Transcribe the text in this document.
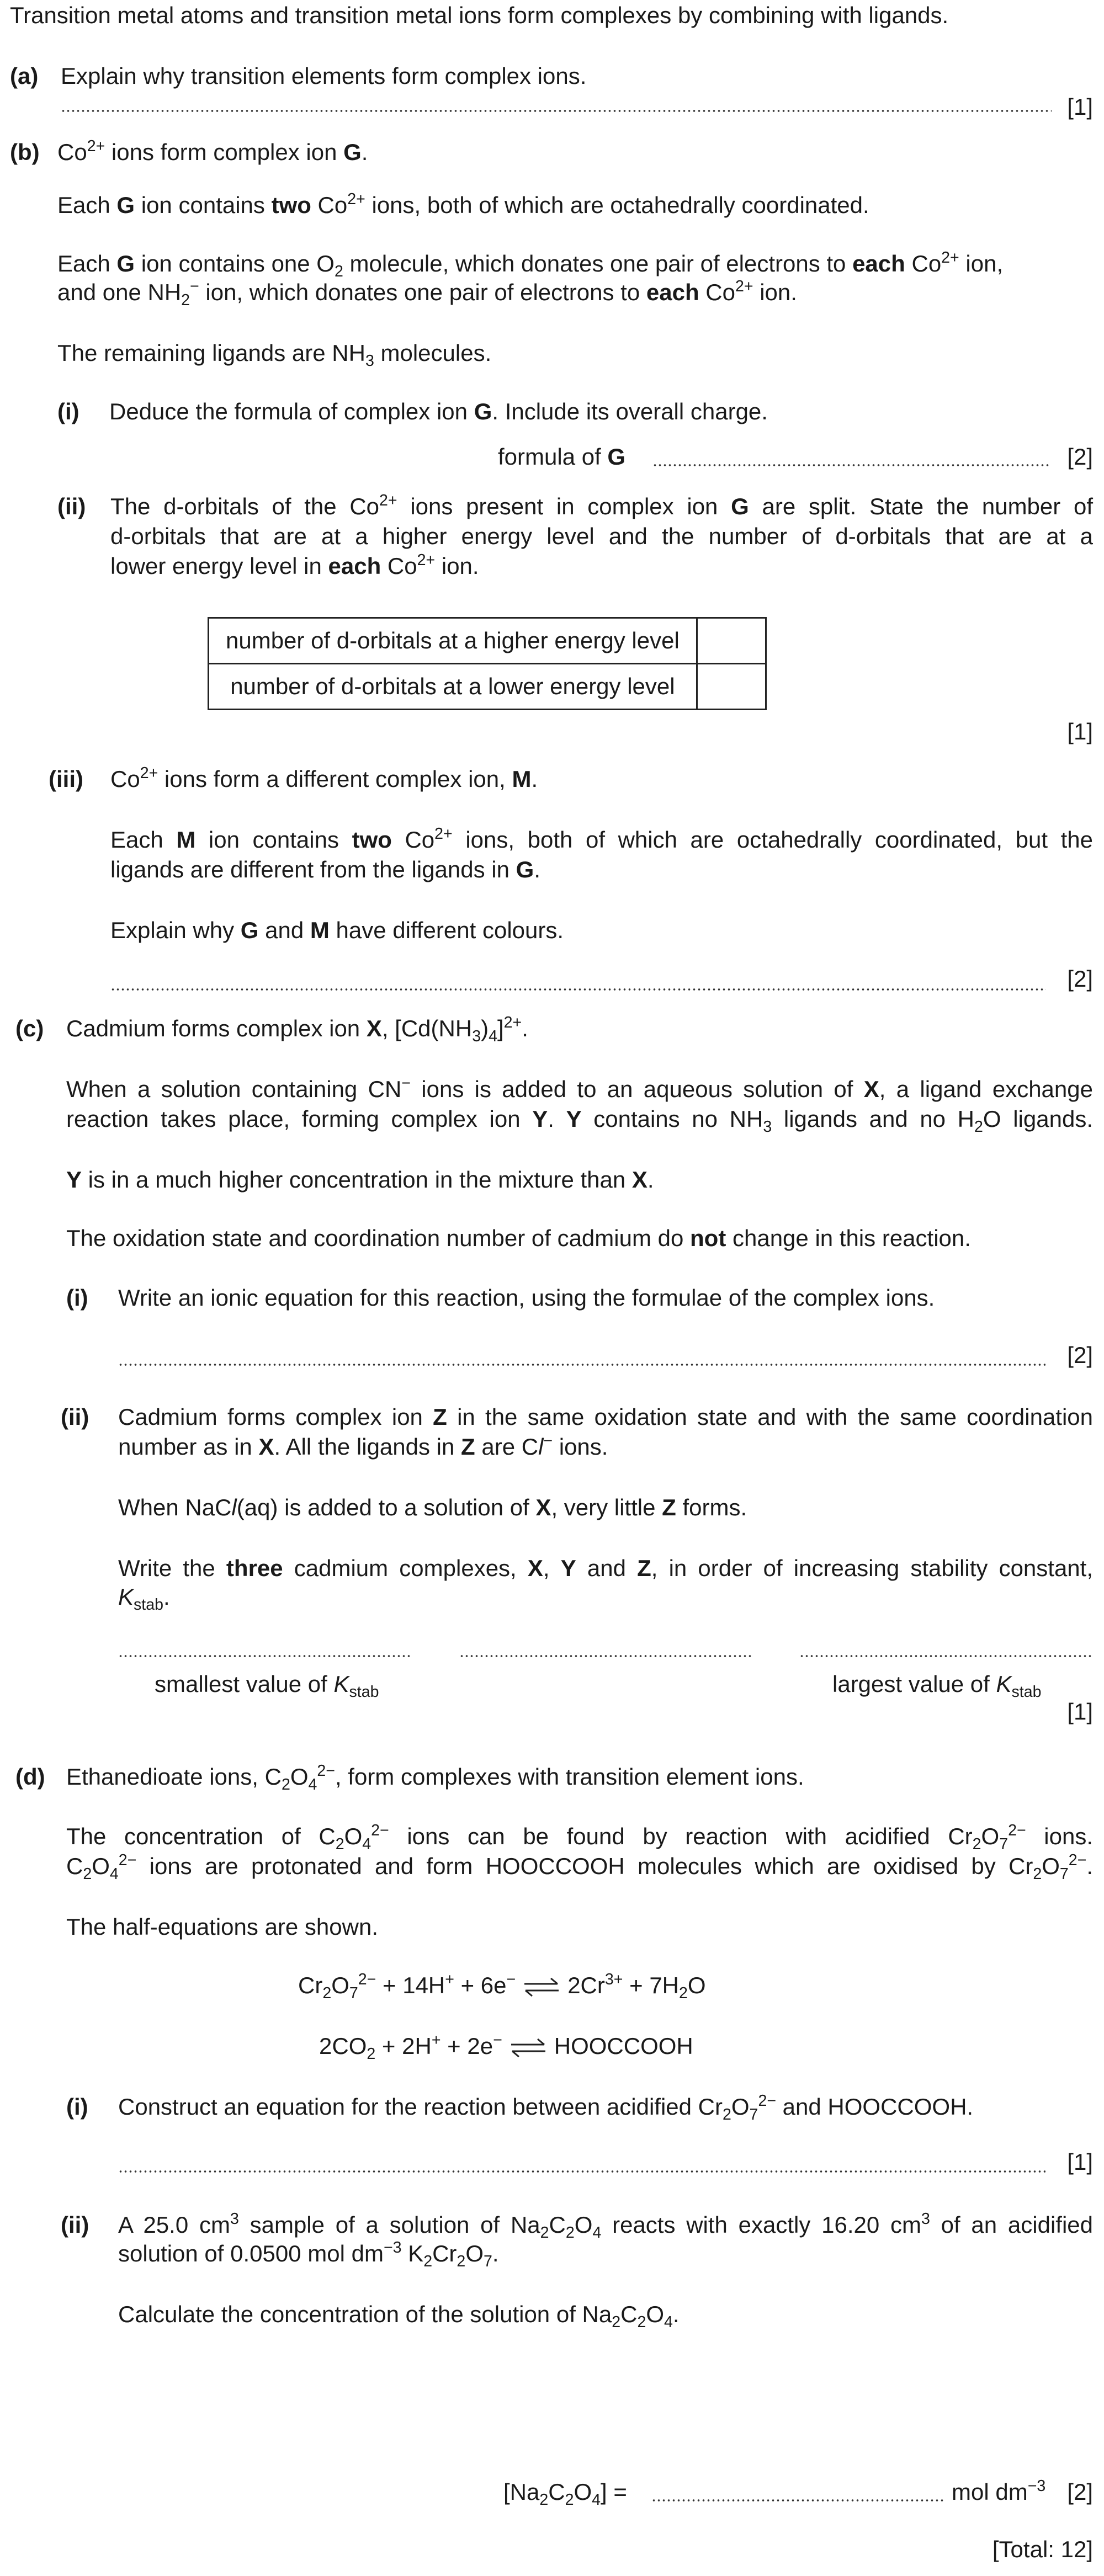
Transition metal atoms and transition metal ions form complexes by combining with ligands.
(a) Explain why transition elements form complex ions.
[1]
(b) $Co^{2+}$ ions form complex ion G.
Each G ion contains two $Co^{2+}$ ions, both of which are octahedrally coordinated.
Each G ion contains one $O_2$ molecule, which donates one pair of electrons to each $Co^{2+}$ ion,
and one $NH_2^-$ ion, which donates one pair of electrons to each $Co^{2+}$ ion.
The remaining ligands are $NH_3$ molecules.
(i) Deduce the formula of complex ion G. Include its overall charge.
formula of G	[2]
(ii) The d-orbitals of the $Co^{2+}$ ions present in complex ion G are split. State the number of
d-orbitals that are at a higher energy level and the number of d-orbitals that are at a
lower energy level in each $Co^{2+}$ ion.
number of d-orbitals at a higher energy level	
number of d-orbitals at a lower energy level	
[1]
(iii) $Co^{2+}$ ions form a different complex ion, M.
Each M ion contains two $Co^{2+}$ ions, both of which are octahedrally coordinated, but the
ligands are different from the ligands in G.
Explain why G and M have different colours.
[2]
(c) Cadmium forms complex ion X, $[Cd(NH_3)_4]^{2+}$.
When a solution containing CN− ions is added to an aqueous solution of X, a ligand exchange
reaction takes place, forming complex ion Y. Y contains no $NH_3$ ligands and no $H_2O$ ligands.
Y is in a much higher concentration in the mixture than X.
The oxidation state and coordination number of cadmium do not change in this reaction.
(i) Write an ionic equation for this reaction, using the formulae of the complex ions.
[2]
(ii) Cadmium forms complex ion Z in the same oxidation state and with the same coordination
number as in X. All the ligands in Z are Cl− ions.
When NaCl(aq) is added to a solution of X, very little Z forms.
Write the three cadmium complexes, X, Y and Z, in order of increasing stability constant,
$K_{stab}$.
smallest value of $K_{stab}$	largest value of $K_{stab}$
[1]
(d) Ethanedioate ions, $C_2O_4^{2-}$, form complexes with transition element ions.
The concentration of $C_2O_4^{2-}$ ions can be found by reaction with acidified $Cr_2O_7^{2-}$ ions.
$C_2O_4^{2-}$ ions are protonated and form HOOCCOOH molecules which are oxidised by $Cr_2O_7^{2-}$.
The half-equations are shown.
$Cr_2O_7^{2-} + 14H^+ + 6e^-$ ⇌ $2Cr^{3+} + 7H_2O$
$2CO_2 + 2H^+ + 2e^-$ ⇌ HOOCCOOH
(i) Construct an equation for the reaction between acidified $Cr_2O_7^{2-}$ and HOOCCOOH.
[1]
(ii) A 25.0 $cm^3$ sample of a solution of $Na_2C_2O_4$ reacts with exactly 16.20 $cm^3$ of an acidified
solution of 0.0500 mol $dm^{-3}$ $K_2Cr_2O_7$.
Calculate the concentration of the solution of $Na_2C_2O_4$.
$[Na_2C_2O_4]$ =	mol $dm^{-3}$ [2]
[Total: 12]
